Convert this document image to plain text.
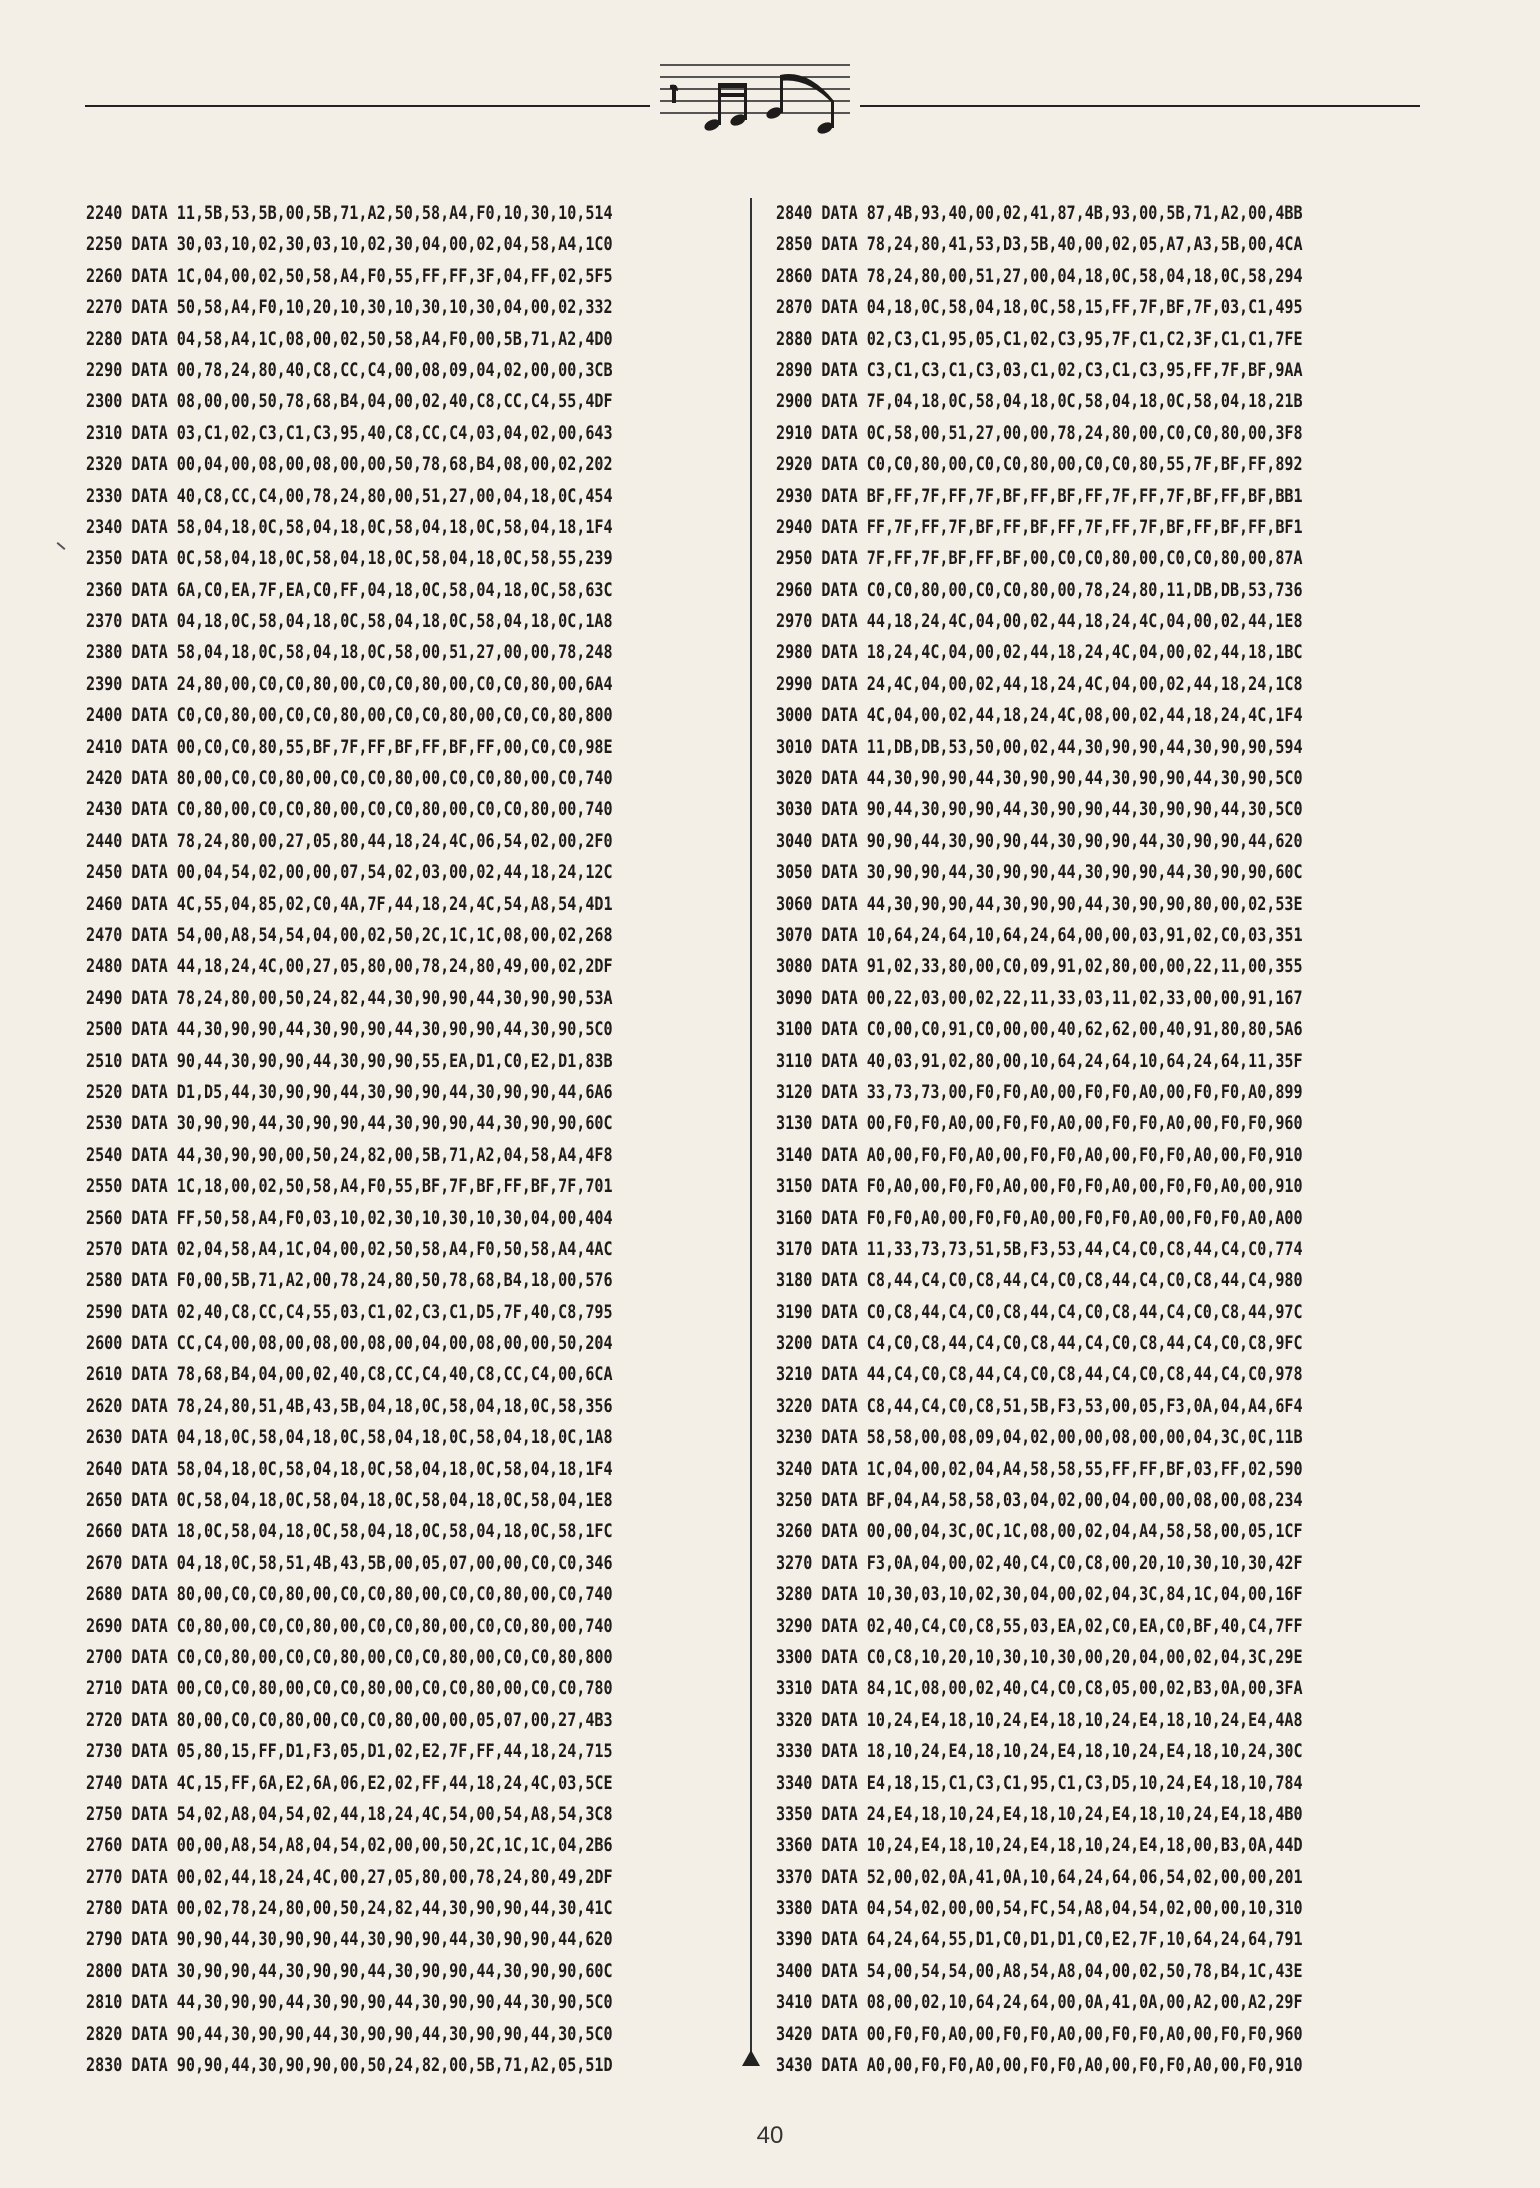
2240 DATA 11,5B,53,5B,00,5B,71,A2,50,58,A4,F0,10,30,10,514
2250 DATA 30,03,10,02,30,03,10,02,30,04,00,02,04,58,A4,1C0
2260 DATA 1C,04,00,02,50,58,A4,F0,55,FF,FF,3F,04,FF,02,5F5
2270 DATA 50,58,A4,F0,10,20,10,30,10,30,10,30,04,00,02,332
2280 DATA 04,58,A4,1C,08,00,02,50,58,A4,F0,00,5B,71,A2,4D0
2290 DATA 00,78,24,80,40,C8,CC,C4,00,08,09,04,02,00,00,3CB
2300 DATA 08,00,00,50,78,68,B4,04,00,02,40,C8,CC,C4,55,4DF
2310 DATA 03,C1,02,C3,C1,C3,95,40,C8,CC,C4,03,04,02,00,643
2320 DATA 00,04,00,08,00,08,00,00,50,78,68,B4,08,00,02,202
2330 DATA 40,C8,CC,C4,00,78,24,80,00,51,27,00,04,18,0C,454
2340 DATA 58,04,18,0C,58,04,18,0C,58,04,18,0C,58,04,18,1F4
2350 DATA 0C,58,04,18,0C,58,04,18,0C,58,04,18,0C,58,55,239
2360 DATA 6A,C0,EA,7F,EA,C0,FF,04,18,0C,58,04,18,0C,58,63C
2370 DATA 04,18,0C,58,04,18,0C,58,04,18,0C,58,04,18,0C,1A8
2380 DATA 58,04,18,0C,58,04,18,0C,58,00,51,27,00,00,78,248
2390 DATA 24,80,00,C0,C0,80,00,C0,C0,80,00,C0,C0,80,00,6A4
2400 DATA C0,C0,80,00,C0,C0,80,00,C0,C0,80,00,C0,C0,80,800
2410 DATA 00,C0,C0,80,55,BF,7F,FF,BF,FF,BF,FF,00,C0,C0,98E
2420 DATA 80,00,C0,C0,80,00,C0,C0,80,00,C0,C0,80,00,C0,740
2430 DATA C0,80,00,C0,C0,80,00,C0,C0,80,00,C0,C0,80,00,740
2440 DATA 78,24,80,00,27,05,80,44,18,24,4C,06,54,02,00,2F0
2450 DATA 00,04,54,02,00,00,07,54,02,03,00,02,44,18,24,12C
2460 DATA 4C,55,04,85,02,C0,4A,7F,44,18,24,4C,54,A8,54,4D1
2470 DATA 54,00,A8,54,54,04,00,02,50,2C,1C,1C,08,00,02,268
2480 DATA 44,18,24,4C,00,27,05,80,00,78,24,80,49,00,02,2DF
2490 DATA 78,24,80,00,50,24,82,44,30,90,90,44,30,90,90,53A
2500 DATA 44,30,90,90,44,30,90,90,44,30,90,90,44,30,90,5C0
2510 DATA 90,44,30,90,90,44,30,90,90,55,EA,D1,C0,E2,D1,83B
2520 DATA D1,D5,44,30,90,90,44,30,90,90,44,30,90,90,44,6A6
2530 DATA 30,90,90,44,30,90,90,44,30,90,90,44,30,90,90,60C
2540 DATA 44,30,90,90,00,50,24,82,00,5B,71,A2,04,58,A4,4F8
2550 DATA 1C,18,00,02,50,58,A4,F0,55,BF,7F,BF,FF,BF,7F,701
2560 DATA FF,50,58,A4,F0,03,10,02,30,10,30,10,30,04,00,404
2570 DATA 02,04,58,A4,1C,04,00,02,50,58,A4,F0,50,58,A4,4AC
2580 DATA F0,00,5B,71,A2,00,78,24,80,50,78,68,B4,18,00,576
2590 DATA 02,40,C8,CC,C4,55,03,C1,02,C3,C1,D5,7F,40,C8,795
2600 DATA CC,C4,00,08,00,08,00,08,00,04,00,08,00,00,50,204
2610 DATA 78,68,B4,04,00,02,40,C8,CC,C4,40,C8,CC,C4,00,6CA
2620 DATA 78,24,80,51,4B,43,5B,04,18,0C,58,04,18,0C,58,356
2630 DATA 04,18,0C,58,04,18,0C,58,04,18,0C,58,04,18,0C,1A8
2640 DATA 58,04,18,0C,58,04,18,0C,58,04,18,0C,58,04,18,1F4
2650 DATA 0C,58,04,18,0C,58,04,18,0C,58,04,18,0C,58,04,1E8
2660 DATA 18,0C,58,04,18,0C,58,04,18,0C,58,04,18,0C,58,1FC
2670 DATA 04,18,0C,58,51,4B,43,5B,00,05,07,00,00,C0,C0,346
2680 DATA 80,00,C0,C0,80,00,C0,C0,80,00,C0,C0,80,00,C0,740
2690 DATA C0,80,00,C0,C0,80,00,C0,C0,80,00,C0,C0,80,00,740
2700 DATA C0,C0,80,00,C0,C0,80,00,C0,C0,80,00,C0,C0,80,800
2710 DATA 00,C0,C0,80,00,C0,C0,80,00,C0,C0,80,00,C0,C0,780
2720 DATA 80,00,C0,C0,80,00,C0,C0,80,00,00,05,07,00,27,4B3
2730 DATA 05,80,15,FF,D1,F3,05,D1,02,E2,7F,FF,44,18,24,715
2740 DATA 4C,15,FF,6A,E2,6A,06,E2,02,FF,44,18,24,4C,03,5CE
2750 DATA 54,02,A8,04,54,02,44,18,24,4C,54,00,54,A8,54,3C8
2760 DATA 00,00,A8,54,A8,04,54,02,00,00,50,2C,1C,1C,04,2B6
2770 DATA 00,02,44,18,24,4C,00,27,05,80,00,78,24,80,49,2DF
2780 DATA 00,02,78,24,80,00,50,24,82,44,30,90,90,44,30,41C
2790 DATA 90,90,44,30,90,90,44,30,90,90,44,30,90,90,44,620
2800 DATA 30,90,90,44,30,90,90,44,30,90,90,44,30,90,90,60C
2810 DATA 44,30,90,90,44,30,90,90,44,30,90,90,44,30,90,5C0
2820 DATA 90,44,30,90,90,44,30,90,90,44,30,90,90,44,30,5C0
2830 DATA 90,90,44,30,90,90,00,50,24,82,00,5B,71,A2,05,51D
2840 DATA 87,4B,93,40,00,02,41,87,4B,93,00,5B,71,A2,00,4BB
2850 DATA 78,24,80,41,53,D3,5B,40,00,02,05,A7,A3,5B,00,4CA
2860 DATA 78,24,80,00,51,27,00,04,18,0C,58,04,18,0C,58,294
2870 DATA 04,18,0C,58,04,18,0C,58,15,FF,7F,BF,7F,03,C1,495
2880 DATA 02,C3,C1,95,05,C1,02,C3,95,7F,C1,C2,3F,C1,C1,7FE
2890 DATA C3,C1,C3,C1,C3,03,C1,02,C3,C1,C3,95,FF,7F,BF,9AA
2900 DATA 7F,04,18,0C,58,04,18,0C,58,04,18,0C,58,04,18,21B
2910 DATA 0C,58,00,51,27,00,00,78,24,80,00,C0,C0,80,00,3F8
2920 DATA C0,C0,80,00,C0,C0,80,00,C0,C0,80,55,7F,BF,FF,892
2930 DATA BF,FF,7F,FF,7F,BF,FF,BF,FF,7F,FF,7F,BF,FF,BF,BB1
2940 DATA FF,7F,FF,7F,BF,FF,BF,FF,7F,FF,7F,BF,FF,BF,FF,BF1
2950 DATA 7F,FF,7F,BF,FF,BF,00,C0,C0,80,00,C0,C0,80,00,87A
2960 DATA C0,C0,80,00,C0,C0,80,00,78,24,80,11,DB,DB,53,736
2970 DATA 44,18,24,4C,04,00,02,44,18,24,4C,04,00,02,44,1E8
2980 DATA 18,24,4C,04,00,02,44,18,24,4C,04,00,02,44,18,1BC
2990 DATA 24,4C,04,00,02,44,18,24,4C,04,00,02,44,18,24,1C8
3000 DATA 4C,04,00,02,44,18,24,4C,08,00,02,44,18,24,4C,1F4
3010 DATA 11,DB,DB,53,50,00,02,44,30,90,90,44,30,90,90,594
3020 DATA 44,30,90,90,44,30,90,90,44,30,90,90,44,30,90,5C0
3030 DATA 90,44,30,90,90,44,30,90,90,44,30,90,90,44,30,5C0
3040 DATA 90,90,44,30,90,90,44,30,90,90,44,30,90,90,44,620
3050 DATA 30,90,90,44,30,90,90,44,30,90,90,44,30,90,90,60C
3060 DATA 44,30,90,90,44,30,90,90,44,30,90,90,80,00,02,53E
3070 DATA 10,64,24,64,10,64,24,64,00,00,03,91,02,C0,03,351
3080 DATA 91,02,33,80,00,C0,09,91,02,80,00,00,22,11,00,355
3090 DATA 00,22,03,00,02,22,11,33,03,11,02,33,00,00,91,167
3100 DATA C0,00,C0,91,C0,00,00,40,62,62,00,40,91,80,80,5A6
3110 DATA 40,03,91,02,80,00,10,64,24,64,10,64,24,64,11,35F
3120 DATA 33,73,73,00,F0,F0,A0,00,F0,F0,A0,00,F0,F0,A0,899
3130 DATA 00,F0,F0,A0,00,F0,F0,A0,00,F0,F0,A0,00,F0,F0,960
3140 DATA A0,00,F0,F0,A0,00,F0,F0,A0,00,F0,F0,A0,00,F0,910
3150 DATA F0,A0,00,F0,F0,A0,00,F0,F0,A0,00,F0,F0,A0,00,910
3160 DATA F0,F0,A0,00,F0,F0,A0,00,F0,F0,A0,00,F0,F0,A0,A00
3170 DATA 11,33,73,73,51,5B,F3,53,44,C4,C0,C8,44,C4,C0,774
3180 DATA C8,44,C4,C0,C8,44,C4,C0,C8,44,C4,C0,C8,44,C4,980
3190 DATA C0,C8,44,C4,C0,C8,44,C4,C0,C8,44,C4,C0,C8,44,97C
3200 DATA C4,C0,C8,44,C4,C0,C8,44,C4,C0,C8,44,C4,C0,C8,9FC
3210 DATA 44,C4,C0,C8,44,C4,C0,C8,44,C4,C0,C8,44,C4,C0,978
3220 DATA C8,44,C4,C0,C8,51,5B,F3,53,00,05,F3,0A,04,A4,6F4
3230 DATA 58,58,00,08,09,04,02,00,00,08,00,00,04,3C,0C,11B
3240 DATA 1C,04,00,02,04,A4,58,58,55,FF,FF,BF,03,FF,02,590
3250 DATA BF,04,A4,58,58,03,04,02,00,04,00,00,08,00,08,234
3260 DATA 00,00,04,3C,0C,1C,08,00,02,04,A4,58,58,00,05,1CF
3270 DATA F3,0A,04,00,02,40,C4,C0,C8,00,20,10,30,10,30,42F
3280 DATA 10,30,03,10,02,30,04,00,02,04,3C,84,1C,04,00,16F
3290 DATA 02,40,C4,C0,C8,55,03,EA,02,C0,EA,C0,BF,40,C4,7FF
3300 DATA C0,C8,10,20,10,30,10,30,00,20,04,00,02,04,3C,29E
3310 DATA 84,1C,08,00,02,40,C4,C0,C8,05,00,02,B3,0A,00,3FA
3320 DATA 10,24,E4,18,10,24,E4,18,10,24,E4,18,10,24,E4,4A8
3330 DATA 18,10,24,E4,18,10,24,E4,18,10,24,E4,18,10,24,30C
3340 DATA E4,18,15,C1,C3,C1,95,C1,C3,D5,10,24,E4,18,10,784
3350 DATA 24,E4,18,10,24,E4,18,10,24,E4,18,10,24,E4,18,4B0
3360 DATA 10,24,E4,18,10,24,E4,18,10,24,E4,18,00,B3,0A,44D
3370 DATA 52,00,02,0A,41,0A,10,64,24,64,06,54,02,00,00,201
3380 DATA 04,54,02,00,00,54,FC,54,A8,04,54,02,00,00,10,310
3390 DATA 64,24,64,55,D1,C0,D1,D1,C0,E2,7F,10,64,24,64,791
3400 DATA 54,00,54,54,00,A8,54,A8,04,00,02,50,78,B4,1C,43E
3410 DATA 08,00,02,10,64,24,64,00,0A,41,0A,00,A2,00,A2,29F
3420 DATA 00,F0,F0,A0,00,F0,F0,A0,00,F0,F0,A0,00,F0,F0,960
3430 DATA A0,00,F0,F0,A0,00,F0,F0,A0,00,F0,F0,A0,00,F0,910
40
